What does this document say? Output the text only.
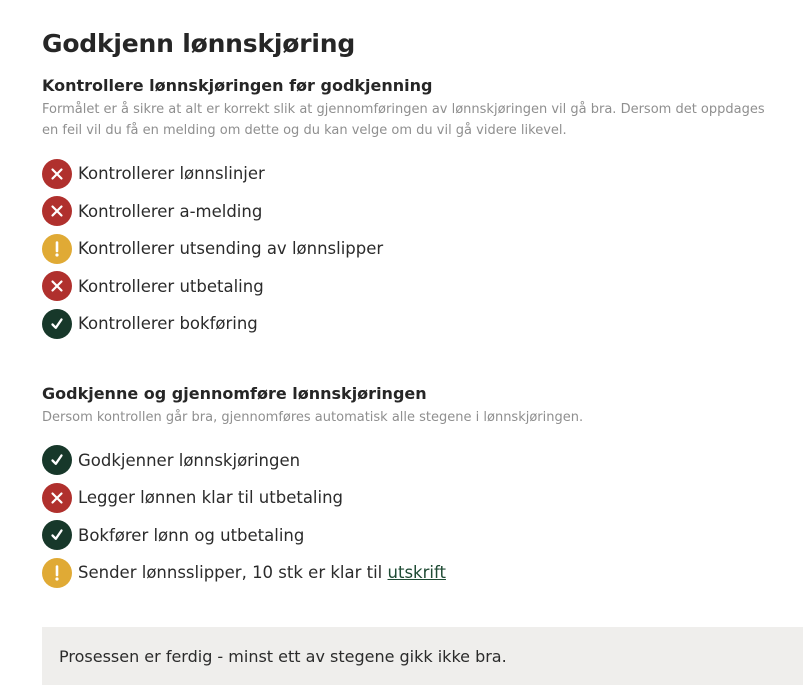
Godkjenn lønnskjøring
Kontrollere lønnskjøringen før godkjenning
Formålet er å sikre at alt er korrekt slik at gjennomføringen av lønnskjøringen vil gå bra. Dersom det oppdages
en feil vil du få en melding om dette og du kan velge om du vil gå videre likevel.
Kontrollerer lønnslinjer
Kontrollerer a-melding
Kontrollerer utsending av lønnslipper
Kontrollerer utbetaling
Kontrollerer bokføring
Godkjenne og gjennomføre lønnskjøringen
Dersom kontrollen går bra, gjennomføres automatisk alle stegene i lønnskjøringen.
Godkjenner lønnskjøringen
Legger lønnen klar til utbetaling
Bokfører lønn og utbetaling
Sender lønnsslipper, 10 stk er klar til utskrift
Prosessen er ferdig - minst ett av stegene gikk ikke bra.
